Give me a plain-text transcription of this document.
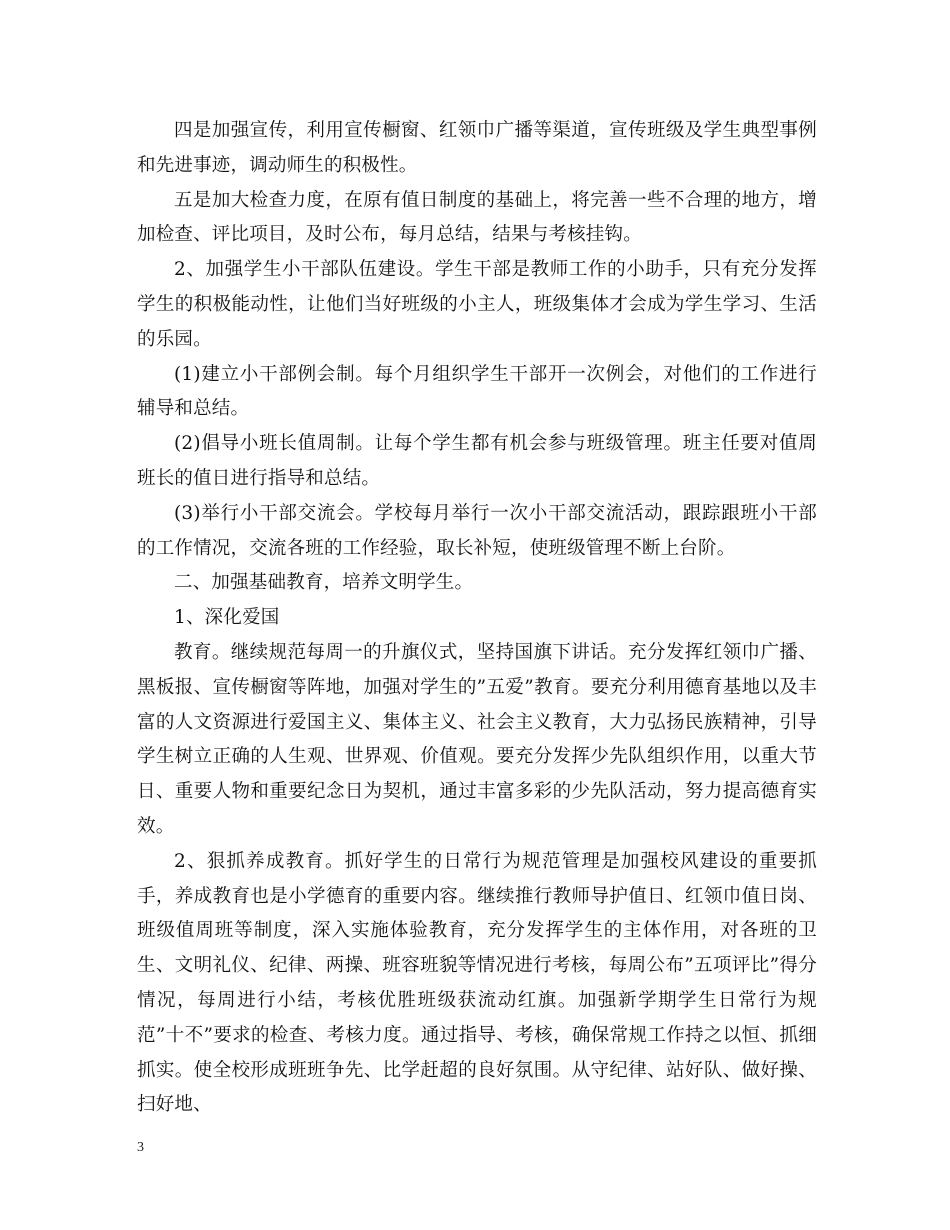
四是加强宣传，利用宣传橱窗、红领巾广播等渠道，宣传班级及学生典型事例和先进事迹，调动师生的积极性。

五是加大检查力度，在原有值日制度的基础上，将完善一些不合理的地方，增加检查、评比项目，及时公布，每月总结，结果与考核挂钩。

2、加强学生小干部队伍建设。学生干部是教师工作的小助手，只有充分发挥学生的积极能动性，让他们当好班级的小主人，班级集体才会成为学生学习、生活的乐园。

(1)建立小干部例会制。每个月组织学生干部开一次例会，对他们的工作进行辅导和总结。

(2)倡导小班长值周制。让每个学生都有机会参与班级管理。班主任要对值周班长的值日进行指导和总结。

(3)举行小干部交流会。学校每月举行一次小干部交流活动，跟踪跟班小干部的工作情况，交流各班的工作经验，取长补短，使班级管理不断上台阶。

二、加强基础教育，培养文明学生。

1、深化爱国

教育。继续规范每周一的升旗仪式，坚持国旗下讲话。充分发挥红领巾广播、黑板报、宣传橱窗等阵地，加强对学生的”五爱”教育。要充分利用德育基地以及丰富的人文资源进行爱国主义、集体主义、社会主义教育，大力弘扬民族精神，引导学生树立正确的人生观、世界观、价值观。要充分发挥少先队组织作用，以重大节日、重要人物和重要纪念日为契机，通过丰富多彩的少先队活动，努力提高德育实效。

2、狠抓养成教育。抓好学生的日常行为规范管理是加强校风建设的重要抓手，养成教育也是小学德育的重要内容。继续推行教师导护值日、红领巾值日岗、班级值周班等制度，深入实施体验教育，充分发挥学生的主体作用，对各班的卫生、文明礼仪、纪律、两操、班容班貌等情况进行考核，每周公布”五项评比”得分情况，每周进行小结，考核优胜班级获流动红旗。加强新学期学生日常行为规范”十不”要求的检查、考核力度。通过指导、考核，确保常规工作持之以恒、抓细抓实。使全校形成班班争先、比学赶超的良好氛围。从守纪律、站好队、做好操、扫好地、

3
